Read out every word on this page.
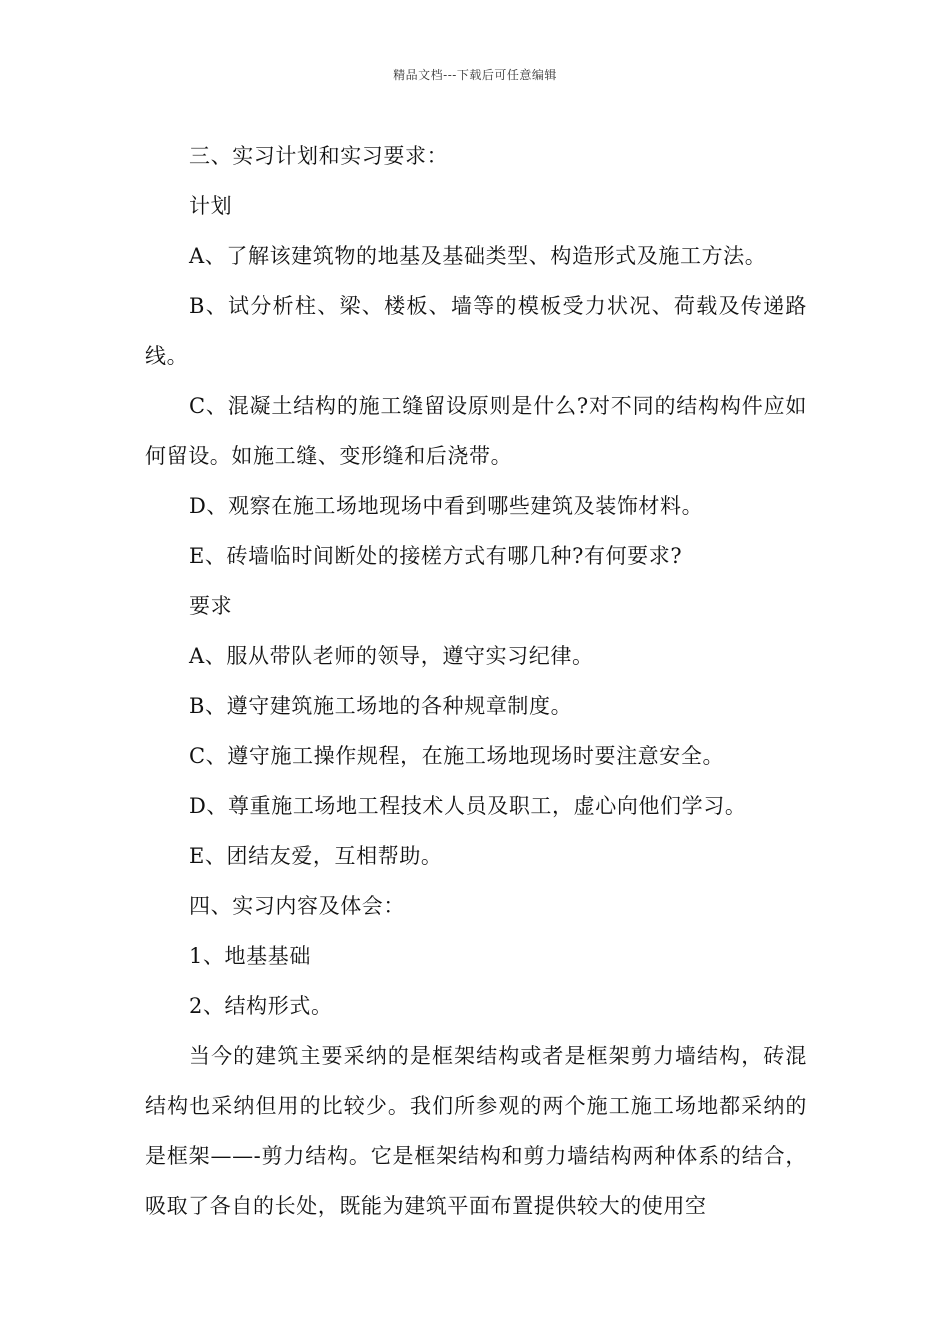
精品文档---下载后可任意编辑

三、实习计划和实习要求：

计划

A、了解该建筑物的地基及基础类型、构造形式及施工方法。

B、试分析柱、梁、楼板、墙等的模板受力状况、荷载及传递路线。

C、混凝土结构的施工缝留设原则是什么?对不同的结构构件应如何留设。如施工缝、变形缝和后浇带。

D、观察在施工场地现场中看到哪些建筑及装饰材料。

E、砖墙临时间断处的接槎方式有哪几种?有何要求?

要求

A、服从带队老师的领导，遵守实习纪律。

B、遵守建筑施工场地的各种规章制度。

C、遵守施工操作规程，在施工场地现场时要注意安全。

D、尊重施工场地工程技术人员及职工，虚心向他们学习。

E、团结友爱，互相帮助。

四、实习内容及体会：

1、地基基础

2、结构形式。

当今的建筑主要采纳的是框架结构或者是框架剪力墙结构，砖混结构也采纳但用的比较少。我们所参观的两个施工施工场地都采纳的是框架——-剪力结构。它是框架结构和剪力墙结构两种体系的结合，吸取了各自的长处，既能为建筑平面布置提供较大的使用空
